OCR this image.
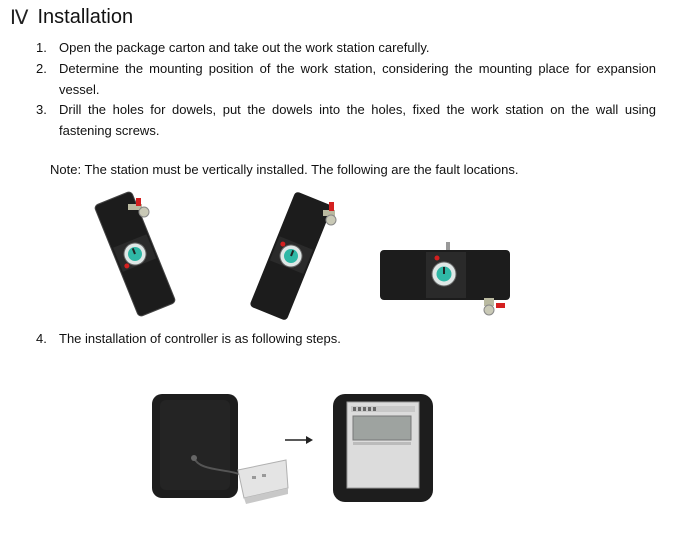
Ⅳ Installation
1. Open the package carton and take out the work station carefully.
2. Determine the mounting position of the work station, considering the mounting place for expansion vessel.
3. Drill the holes for dowels, put the dowels into the holes, fixed the work station on the wall using fastening screws.
Note: The station must be vertically installed. The following are the fault locations.
4. The installation of controller is as following steps.
